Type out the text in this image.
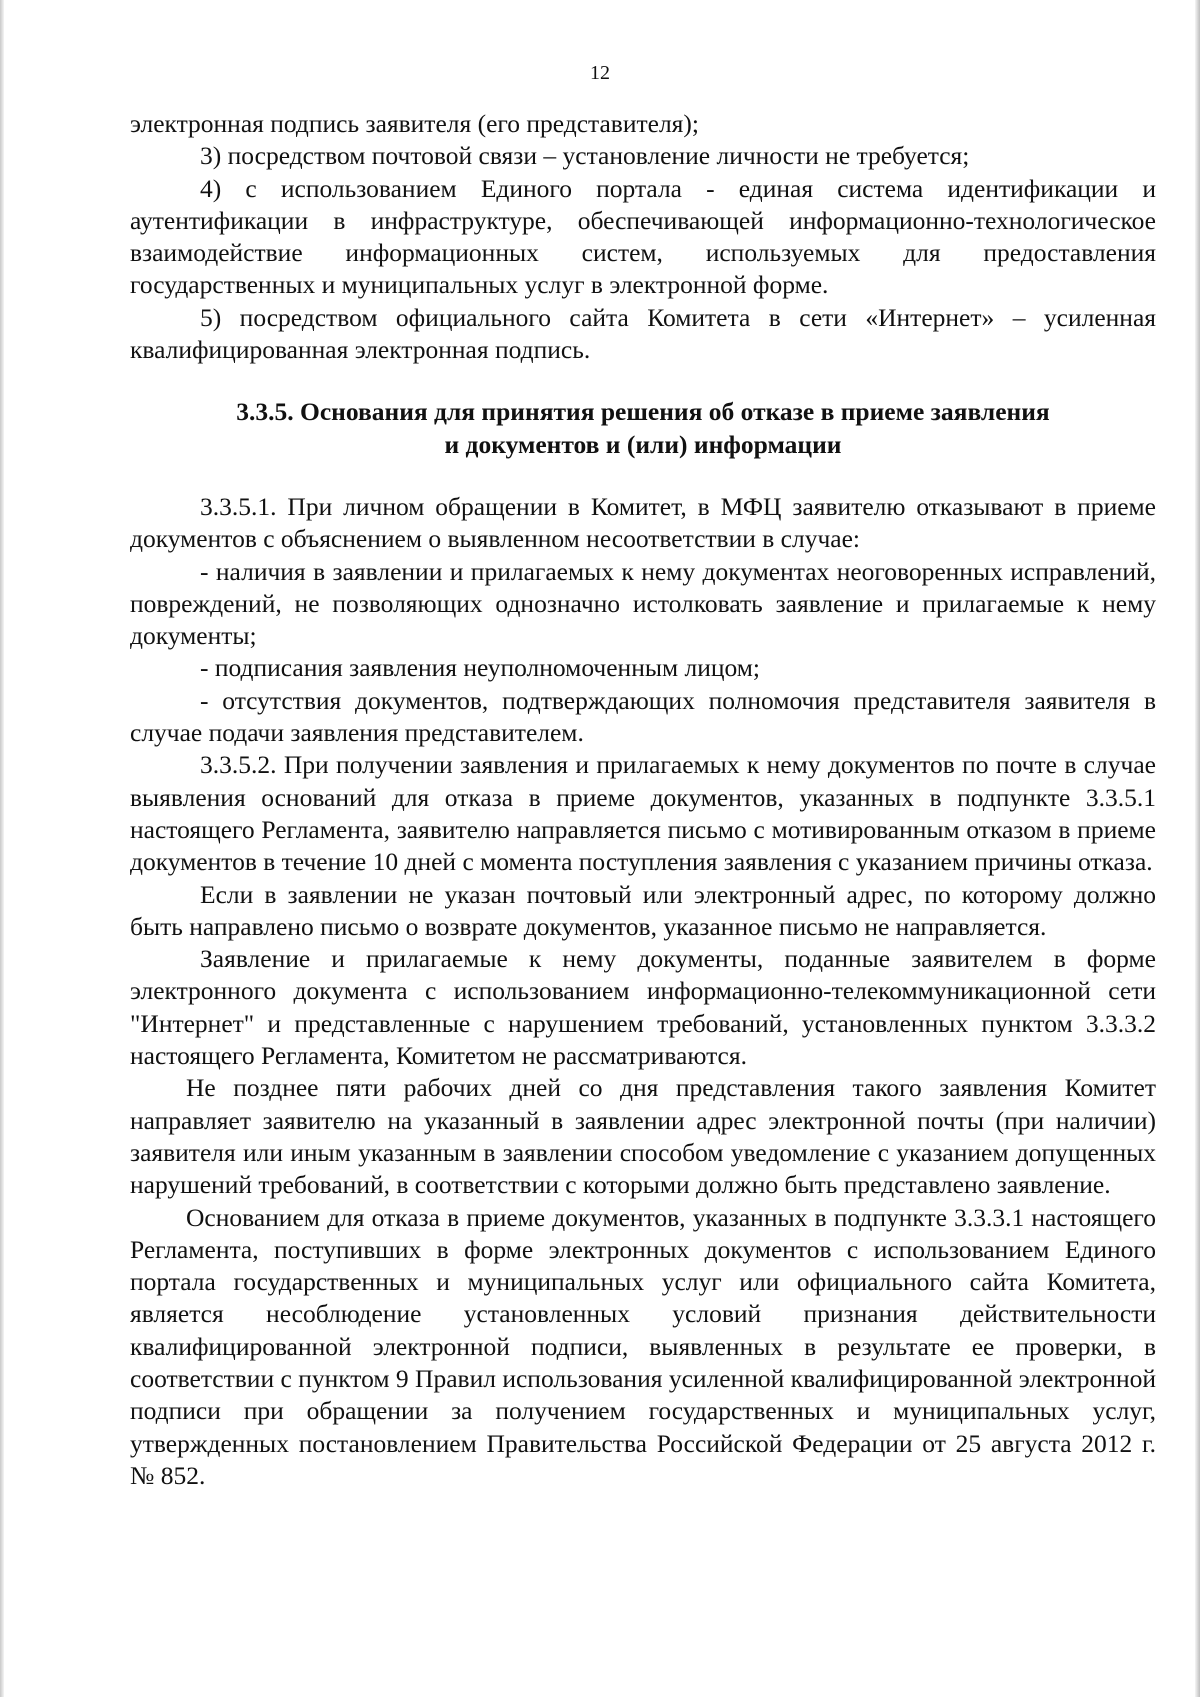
12

электронная подпись заявителя (его представителя);

3) посредством почтовой связи – установление личности не требуется;

4) с использованием Единого портала - единая система идентификации и аутентификации в инфраструктуре, обеспечивающей информационно-технологическое взаимодействие информационных систем, используемых для предоставления государственных и муниципальных услуг в электронной форме.

5) посредством официального сайта Комитета в сети «Интернет» – усиленная квалифицированная электронная подпись.

3.3.5. Основания для принятия решения об отказе в приеме заявления
и документов и (или) информации

3.3.5.1. При личном обращении в Комитет, в МФЦ заявителю отказывают в приеме документов с объяснением о выявленном несоответствии в случае:

- наличия в заявлении и прилагаемых к нему документах неоговоренных исправлений, повреждений, не позволяющих однозначно истолковать заявление и прилагаемые к нему документы;

- подписания заявления неуполномоченным лицом;

- отсутствия документов, подтверждающих полномочия представителя заявителя в случае подачи заявления представителем.

3.3.5.2. При получении заявления и прилагаемых к нему документов по почте в случае выявления оснований для отказа в приеме документов, указанных в подпункте 3.3.5.1 настоящего Регламента, заявителю направляется письмо с мотивированным отказом в приеме документов в течение 10 дней с момента поступления заявления с указанием причины отказа.

Если в заявлении не указан почтовый или электронный адрес, по которому должно быть направлено письмо о возврате документов, указанное письмо не направляется.

Заявление и прилагаемые к нему документы, поданные заявителем в форме электронного документа с использованием информационно-телекоммуникационной сети "Интернет" и представленные с нарушением требований, установленных пунктом 3.3.3.2 настоящего Регламента, Комитетом не рассматриваются.

Не позднее пяти рабочих дней со дня представления такого заявления Комитет направляет заявителю на указанный в заявлении адрес электронной почты (при наличии) заявителя или иным указанным в заявлении способом уведомление с указанием допущенных нарушений требований, в соответствии с которыми должно быть представлено заявление.

Основанием для отказа в приеме документов, указанных в подпункте 3.3.3.1 настоящего Регламента, поступивших в форме электронных документов с использованием Единого портала государственных и муниципальных услуг или официального сайта Комитета, является несоблюдение установленных условий признания действительности квалифицированной электронной подписи, выявленных в результате ее проверки, в соответствии с пунктом 9 Правил использования усиленной квалифицированной электронной подписи при обращении за получением государственных и муниципальных услуг, утвержденных постановлением Правительства Российской Федерации от 25 августа 2012 г. № 852.
